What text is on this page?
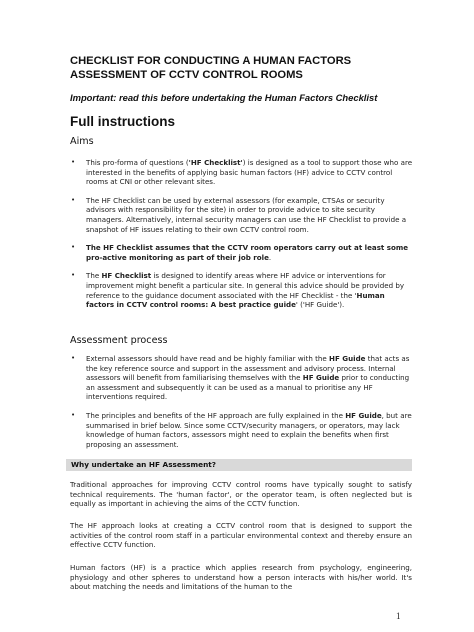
CHECKLIST FOR CONDUCTING A HUMAN FACTORS ASSESSMENT OF CCTV CONTROL ROOMS
Important: read this before undertaking the Human Factors Checklist
Full instructions
Aims
• This pro-forma of questions ('HF Checklist') is designed as a tool to support those who are interested in the benefits of applying basic human factors (HF) advice to CCTV control rooms at CNI or other relevant sites.
• The HF Checklist can be used by external assessors (for example, CTSAs or security advisors with responsibility for the site) in order to provide advice to site security managers. Alternatively, internal security managers can use the HF Checklist to provide a snapshot of HF issues relating to their own CCTV control room.
• The HF Checklist assumes that the CCTV room operators carry out at least some pro-active monitoring as part of their job role.
• The HF Checklist is designed to identify areas where HF advice or interventions for improvement might benefit a particular site. In general this advice should be provided by reference to the guidance document associated with the HF Checklist - the 'Human factors in CCTV control rooms: A best practice guide' ('HF Guide').
Assessment process
• External assessors should have read and be highly familiar with the HF Guide that acts as the key reference source and support in the assessment and advisory process. Internal assessors will benefit from familiarising themselves with the HF Guide prior to conducting an assessment and subsequently it can be used as a manual to prioritise any HF interventions required.
• The principles and benefits of the HF approach are fully explained in the HF Guide, but are summarised in brief below. Since some CCTV/security managers, or operators, may lack knowledge of human factors, assessors might need to explain the benefits when first proposing an assessment.
Why undertake an HF Assessment?
Traditional approaches for improving CCTV control rooms have typically sought to satisfy technical requirements. The 'human factor', or the operator team, is often neglected but is equally as important in achieving the aims of the CCTV function.
The HF approach looks at creating a CCTV control room that is designed to support the activities of the control room staff in a particular environmental context and thereby ensure an effective CCTV function.
Human factors (HF) is a practice which applies research from psychology, engineering, physiology and other spheres to understand how a person interacts with his/her world. It's about matching the needs and limitations of the human to the
1
